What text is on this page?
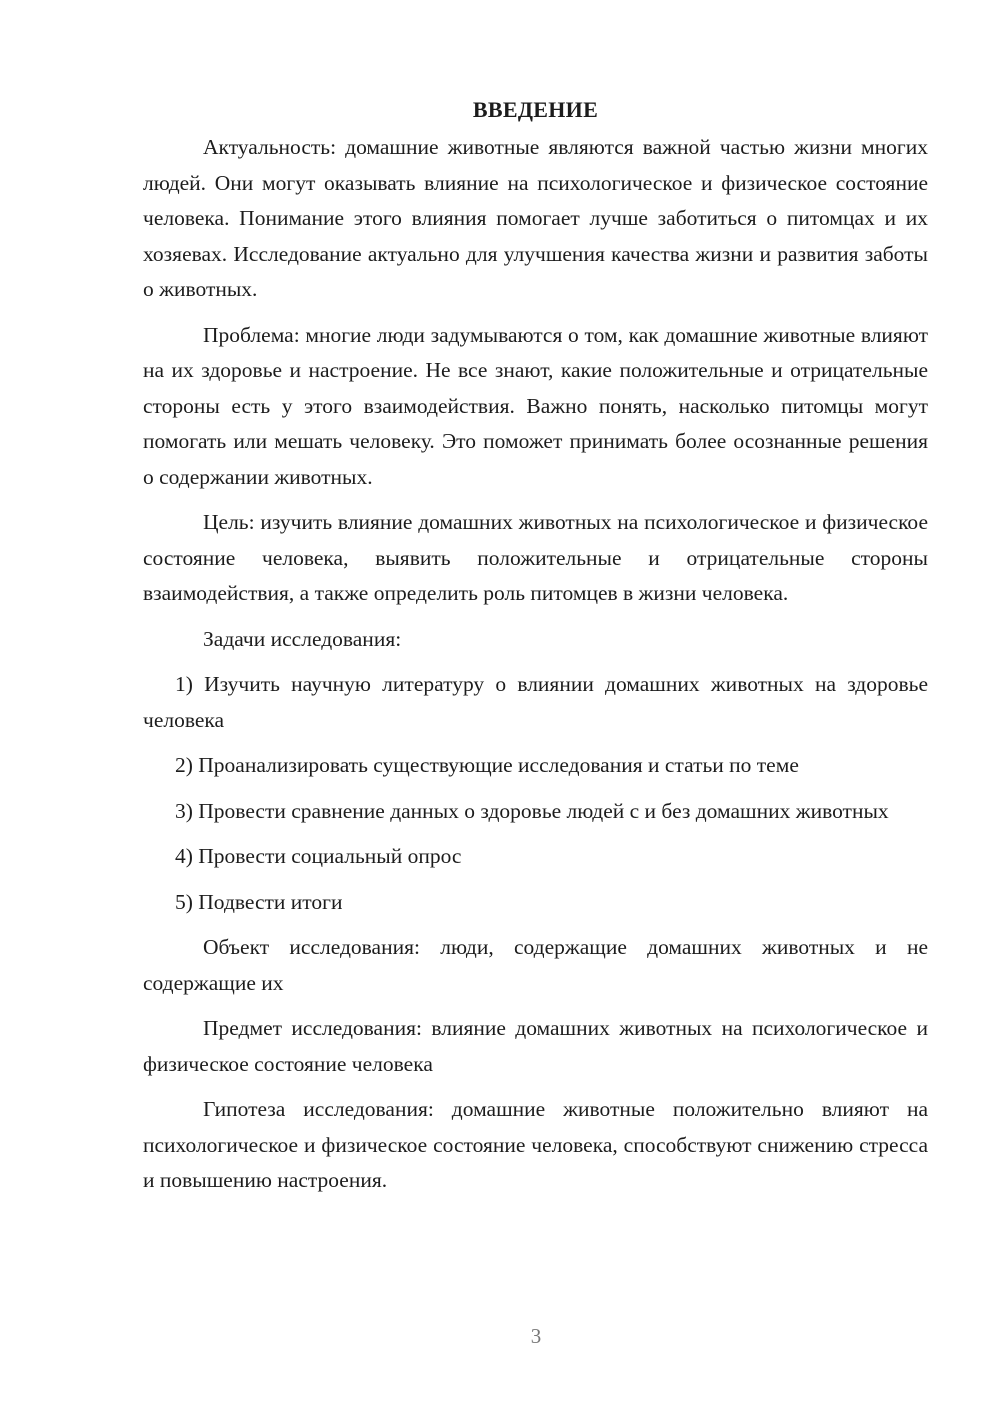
ВВЕДЕНИЕ

Актуальность: домашние животные являются важной частью жизни многих людей. Они могут оказывать влияние на психологическое и физическое состояние человека. Понимание этого влияния помогает лучше заботиться о питомцах и их хозяевах. Исследование актуально для улучшения качества жизни и развития заботы о животных.

Проблема: многие люди задумываются о том, как домашние животные влияют на их здоровье и настроение. Не все знают, какие положительные и отрицательные стороны есть у этого взаимодействия. Важно понять, насколько питомцы могут помогать или мешать человеку. Это поможет принимать более осознанные решения о содержании животных.

Цель: изучить влияние домашних животных на психологическое и физическое состояние человека, выявить положительные и отрицательные стороны взаимодействия, а также определить роль питомцев в жизни человека.

Задачи исследования:

1) Изучить научную литературу о влиянии домашних животных на здоровье человека

2) Проанализировать существующие исследования и статьи по теме

3) Провести сравнение данных о здоровье людей с и без домашних животных

4) Провести социальный опрос

5) Подвести итоги

Объект исследования: люди, содержащие домашних животных и не содержащие их

Предмет исследования: влияние домашних животных на психологическое и физическое состояние человека

Гипотеза исследования: домашние животные положительно влияют на психологическое и физическое состояние человека, способствуют снижению стресса и повышению настроения.

3
